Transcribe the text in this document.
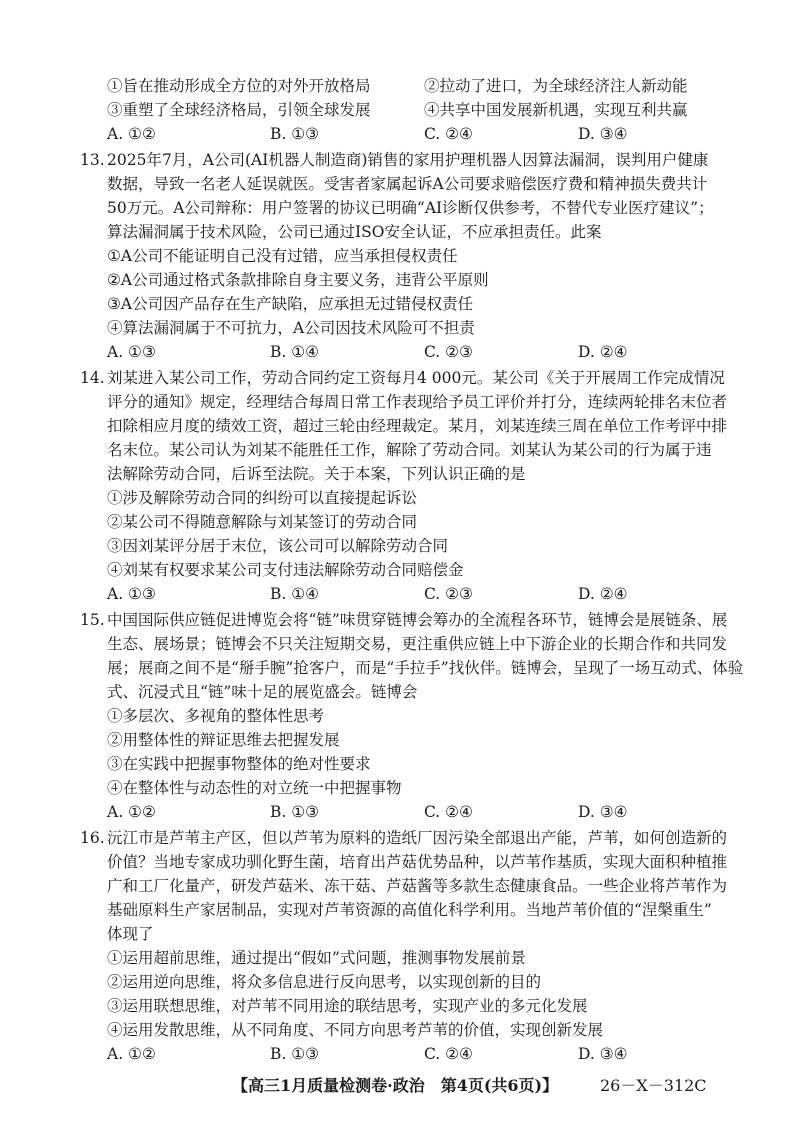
①旨在推动形成全方位的对外开放格局	②拉动了进口，为全球经济注人新动能
③重塑了全球经济格局，引领全球发展	④共享中国发展新机遇，实现互利共赢
A. ①②	B. ①③	C. ②④	D. ③④
13. 2025年7月，A公司(AI机器人制造商)销售的家用护理机器人因算法漏洞，误判用户健康
数据，导致一名老人延误就医。受害者家属起诉A公司要求赔偿医疗费和精神损失费共计
50万元。A公司辩称：用户签署的协议已明确“AI诊断仅供参考，不替代专业医疗建议”；
算法漏洞属于技术风险，公司已通过ISO安全认证，不应承担责任。此案
①A公司不能证明自己没有过错，应当承担侵权责任
②A公司通过格式条款排除自身主要义务，违背公平原则
③A公司因产品存在生产缺陷，应承担无过错侵权责任
④算法漏洞属于不可抗力，A公司因技术风险可不担责
A. ①③	B. ①④	C. ②③	D. ②④
14. 刘某进入某公司工作，劳动合同约定工资每月4 000元。某公司《关于开展周工作完成情况
评分的通知》规定，经理结合每周日常工作表现给予员工评价并打分，连续两轮排名末位者
扣除相应月度的绩效工资，超过三轮由经理裁定。某月，刘某连续三周在单位工作考评中排
名末位。某公司认为刘某不能胜任工作，解除了劳动合同。刘某认为某公司的行为属于违
法解除劳动合同，后诉至法院。关于本案，下列认识正确的是
①涉及解除劳动合同的纠纷可以直接提起诉讼
②某公司不得随意解除与刘某签订的劳动合同
③因刘某评分居于末位，该公司可以解除劳动合同
④刘某有权要求某公司支付违法解除劳动合同赔偿金
A. ①③	B. ①④	C. ②③	D. ②④
15. 中国国际供应链促进博览会将“链”味贯穿链博会筹办的全流程各环节，链博会是展链条、展
生态、展场景；链博会不只关注短期交易，更注重供应链上中下游企业的长期合作和共同发
展；展商之间不是“掰手腕”抢客户，而是“手拉手”找伙伴。链博会，呈现了一场互动式、体验
式、沉浸式且“链”味十足的展览盛会。链博会
①多层次、多视角的整体性思考
②用整体性的辩证思维去把握发展
③在实践中把握事物整体的绝对性要求
④在整体性与动态性的对立统一中把握事物
A. ①②	B. ①③	C. ②④	D. ③④
16. 沅江市是芦苇主产区，但以芦苇为原料的造纸厂因污染全部退出产能，芦苇，如何创造新的
价值？当地专家成功驯化野生菌，培育出芦菇优势品种，以芦苇作基质，实现大面积种植推
广和工厂化量产，研发芦菇米、冻干菇、芦菇酱等多款生态健康食品。一些企业将芦苇作为
基础原料生产家居制品，实现对芦苇资源的高值化科学利用。当地芦苇价值的“涅槃重生”
体现了
①运用超前思维，通过提出“假如”式问题，推测事物发展前景
②运用逆向思维，将众多信息进行反向思考，以实现创新的目的
③运用联想思维，对芦苇不同用途的联结思考，实现产业的多元化发展
④运用发散思维，从不同角度、不同方向思考芦苇的价值，实现创新发展
A. ①②	B. ①③	C. ②④	D. ③④
【高三1月质量检测卷·政治　第4页(共6页)】	26－X－312C
